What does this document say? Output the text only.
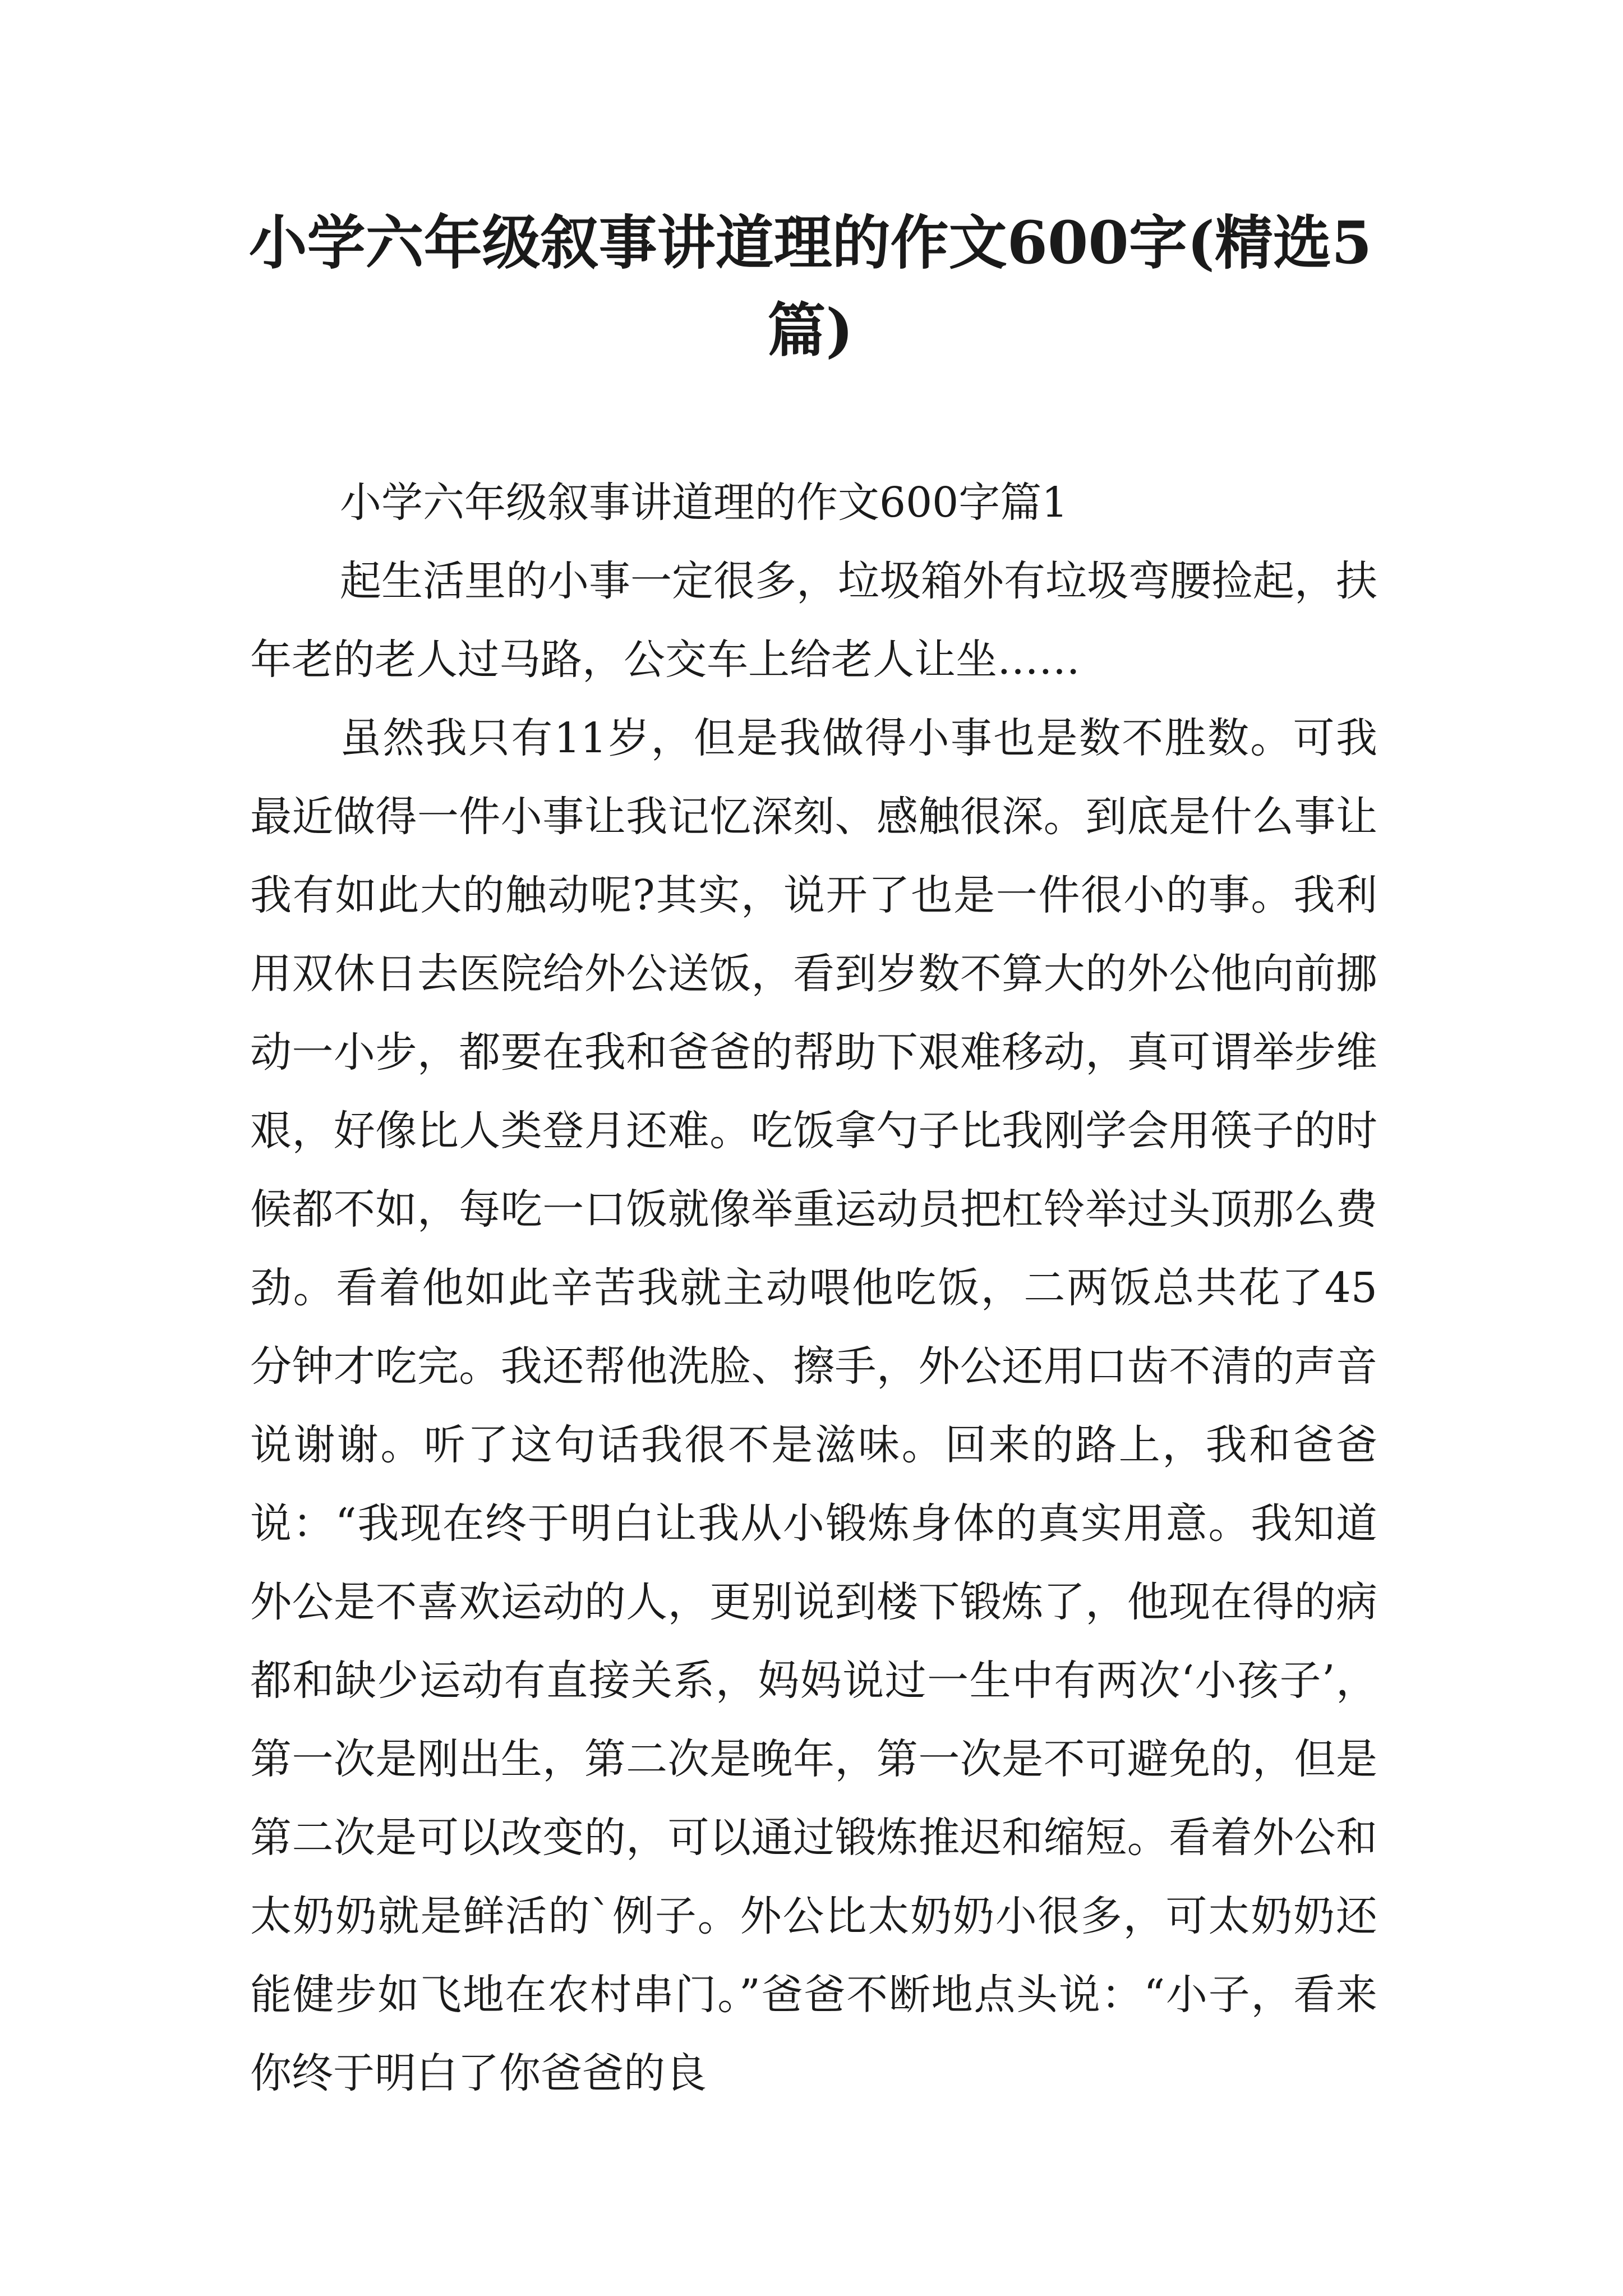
小学六年级叙事讲道理的作文600字(精选5篇)
小学六年级叙事讲道理的作文600字篇1

起生活里的小事一定很多，垃圾箱外有垃圾弯腰捡起，扶年老的老人过马路，公交车上给老人让坐……

虽然我只有11岁，但是我做得小事也是数不胜数。可我最近做得一件小事让我记忆深刻、感触很深。到底是什么事让我有如此大的触动呢?其实，说开了也是一件很小的事。我利用双休日去医院给外公送饭，看到岁数不算大的外公他向前挪动一小步，都要在我和爸爸的帮助下艰难移动，真可谓举步维艰，好像比人类登月还难。吃饭拿勺子比我刚学会用筷子的时候都不如，每吃一口饭就像举重运动员把杠铃举过头顶那么费劲。看着他如此辛苦我就主动喂他吃饭，二两饭总共花了45分钟才吃完。我还帮他洗脸、擦手，外公还用口齿不清的声音说谢谢。听了这句话我很不是滋味。回来的路上，我和爸爸说：“我现在终于明白让我从小锻炼身体的真实用意。我知道外公是不喜欢运动的人，更别说到楼下锻炼了，他现在得的病都和缺少运动有直接关系，妈妈说过一生中有两次‘小孩子’，第一次是刚出生，第二次是晚年，第一次是不可避免的，但是第二次是可以改变的，可以通过锻炼推迟和缩短。看着外公和太奶奶就是鲜活的`例子。外公比太奶奶小很多，可太奶奶还能健步如飞地在农村串门。”爸爸不断地点头说：“小子，看来你终于明白了你爸爸的良
